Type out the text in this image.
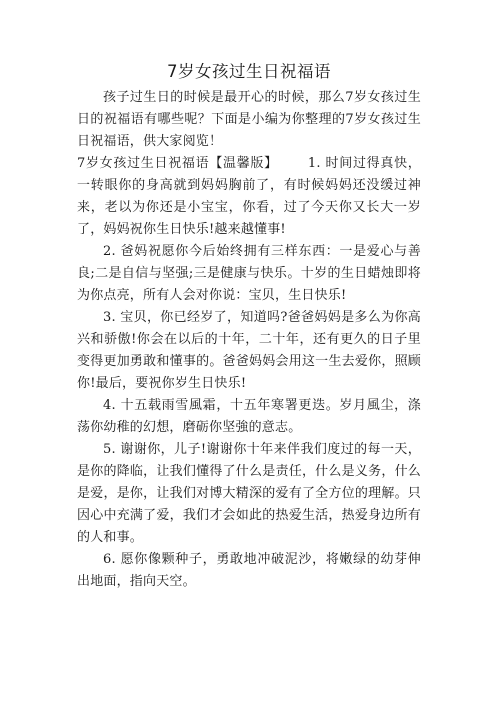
7岁女孩过生日祝福语

孩子过生日的时候是最开心的时候，那么7岁女孩过生日的祝福语有哪些呢？下面是小编为你整理的7岁女孩过生日祝福语，供大家阅览！

7岁女孩过生日祝福语【温馨版】 1. 时间过得真快，一转眼你的身高就到妈妈胸前了，有时候妈妈还没缓过神来，老以为你还是小宝宝，你看，过了今天你又长大一岁了，妈妈祝你生日快乐!越来越懂事!

2. 爸妈祝愿你今后始终拥有三样东西：一是爱心与善良;二是自信与坚强;三是健康与快乐。十岁的生日蜡烛即将为你点亮，所有人会对你说：宝贝，生日快乐!

3. 宝贝，你已经岁了，知道吗?爸爸妈妈是多么为你高兴和骄傲!你会在以后的十年，二十年，还有更久的日子里变得更加勇敢和懂事的。爸爸妈妈会用这一生去爱你，照顾你!最后，要祝你岁生日快乐!

4. 十五载雨雪風霜，十五年寒署更迭。岁月風尘，涤荡你幼稚的幻想，磨砺你坚強的意志。

5. 谢谢你，儿子!谢谢你十年来伴我们度过的每一天，是你的降临，让我们懂得了什么是责任，什么是义务，什么是爱，是你，让我们对博大精深的爱有了全方位的理解。只因心中充满了爱，我们才会如此的热爱生活，热爱身边所有的人和事。

6. 愿你像颗种子，勇敢地冲破泥沙，将嫩绿的幼芽伸出地面，指向天空。
